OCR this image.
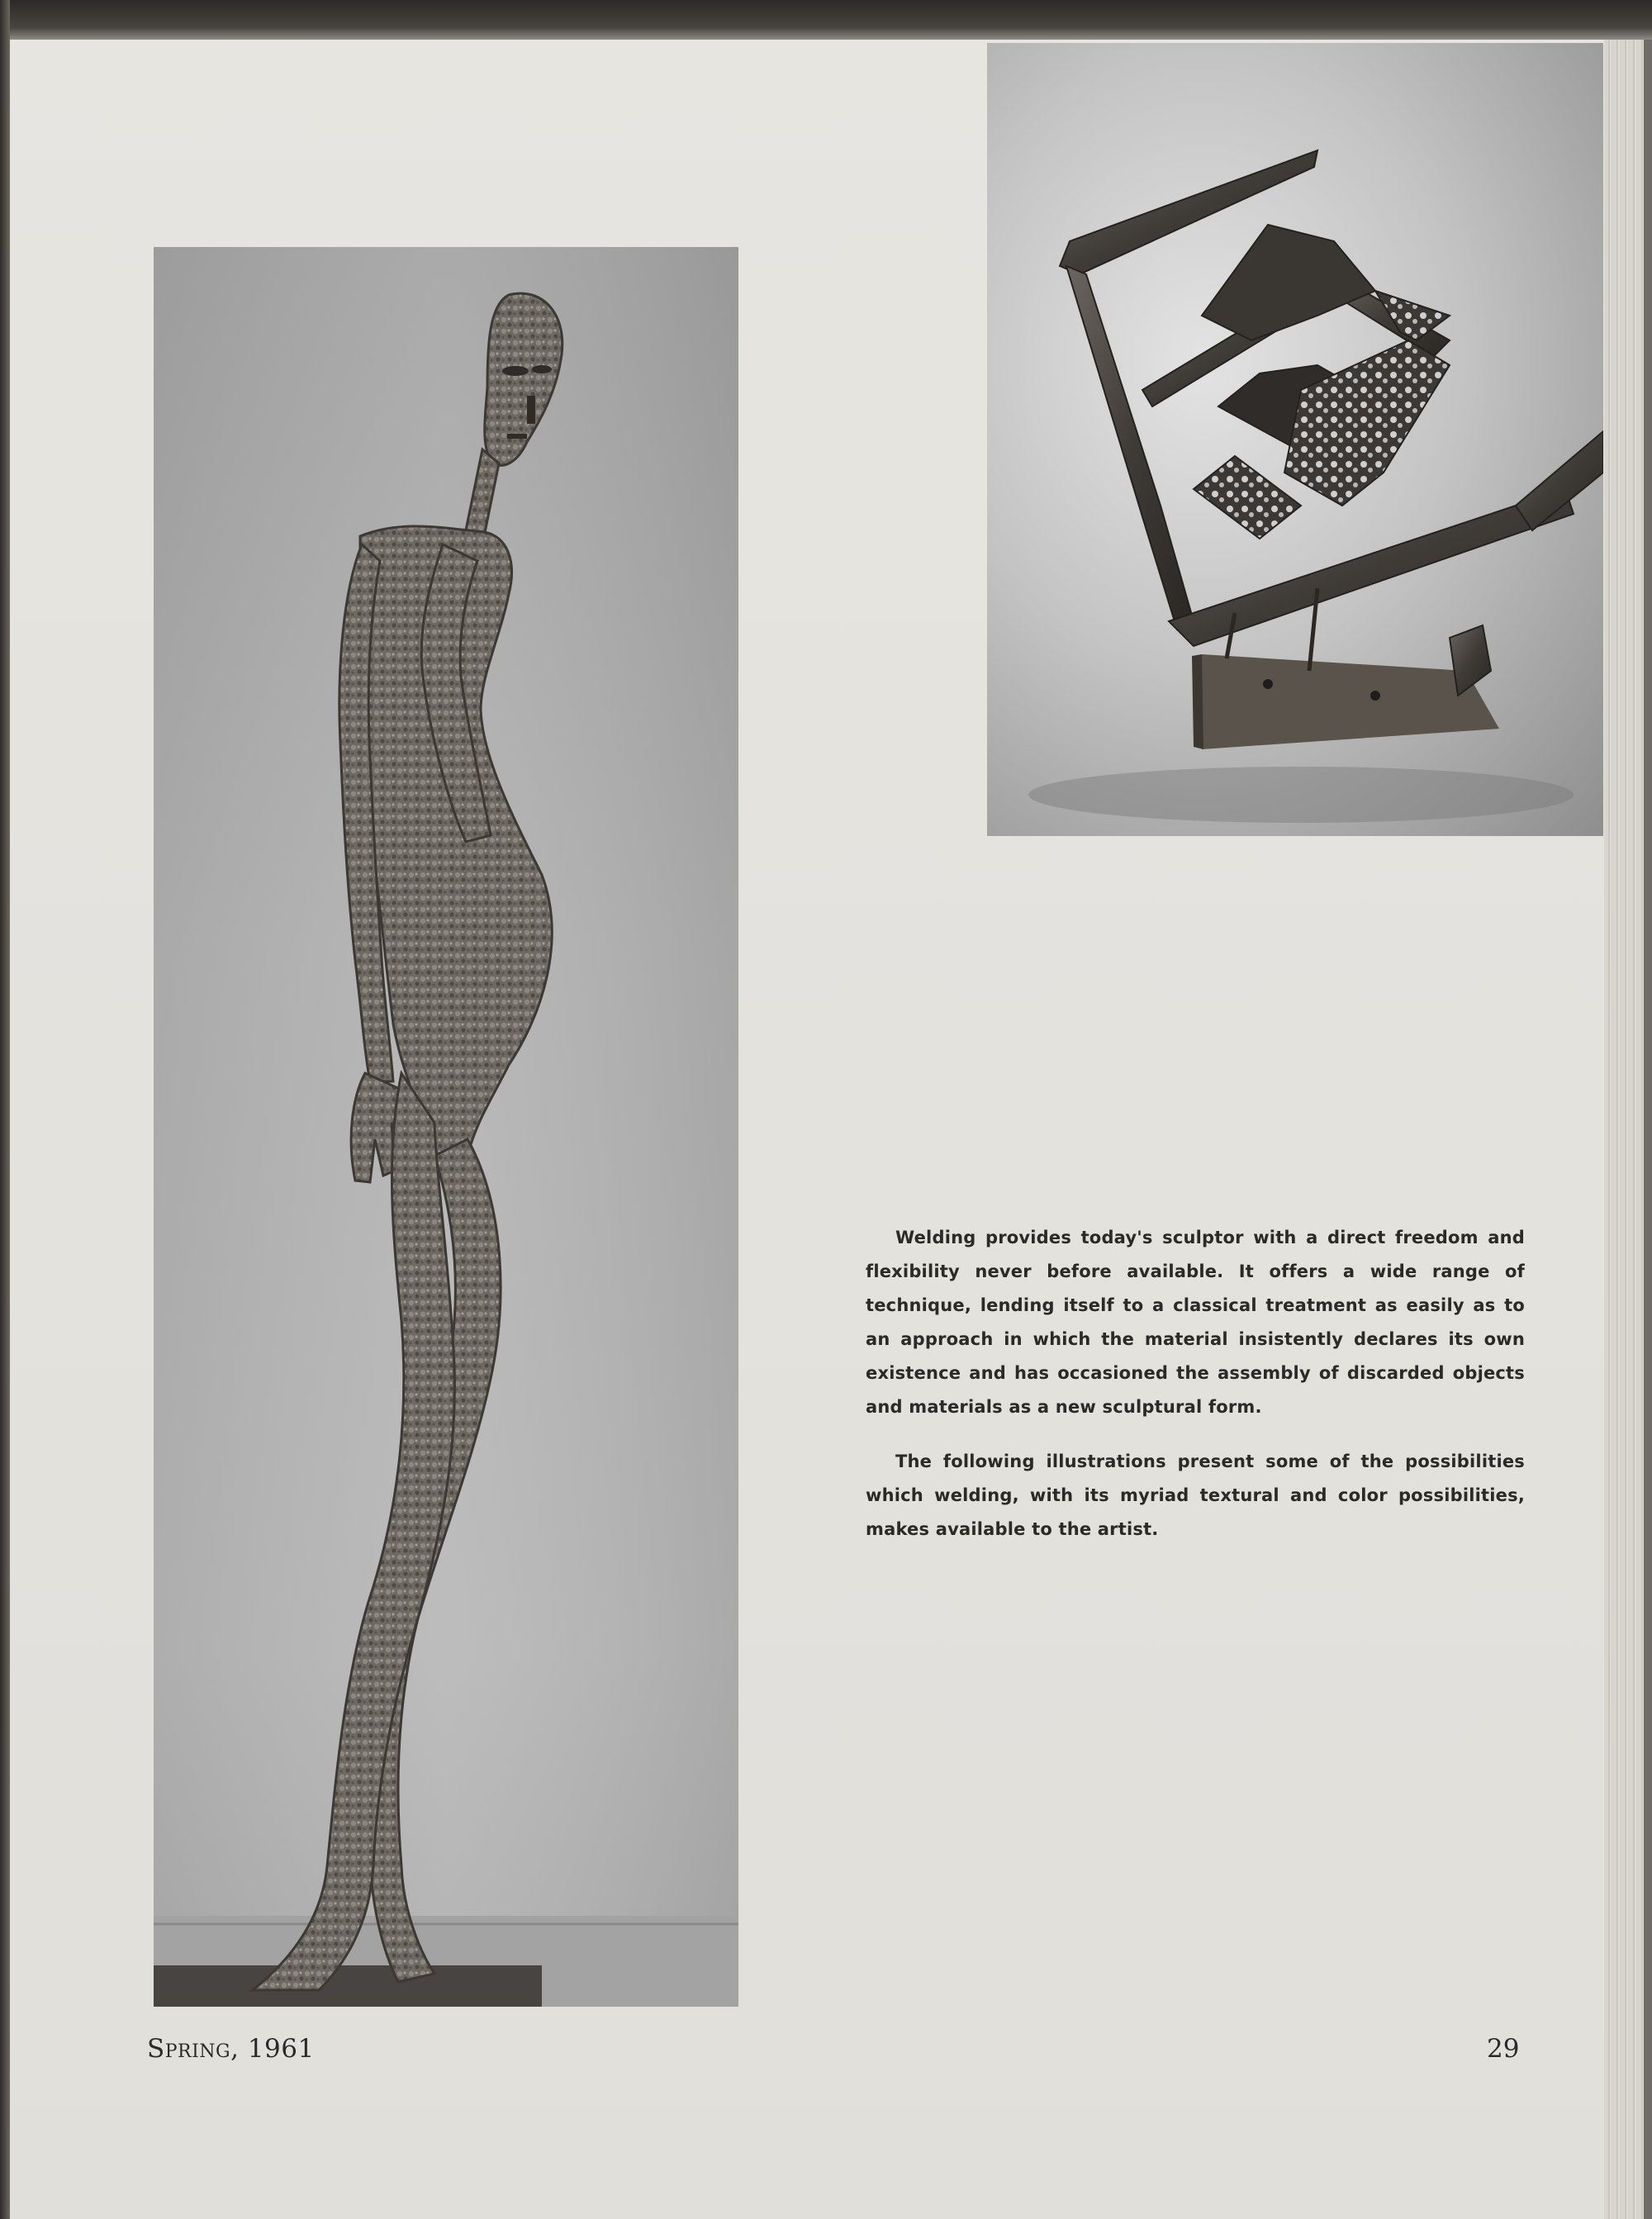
Welding provides today's sculptor with a direct freedom and flexibility never before available. It offers a wide range of technique, lending itself to a classical treatment as easily as to an approach in which the material insistently declares its own existence and has occasioned the assembly of discarded objects and materials as a new sculptural form.

The following illustrations present some of the possibilities which welding, with its myriad textural and color possibilities, makes available to the artist.

Spring, 1961	29
